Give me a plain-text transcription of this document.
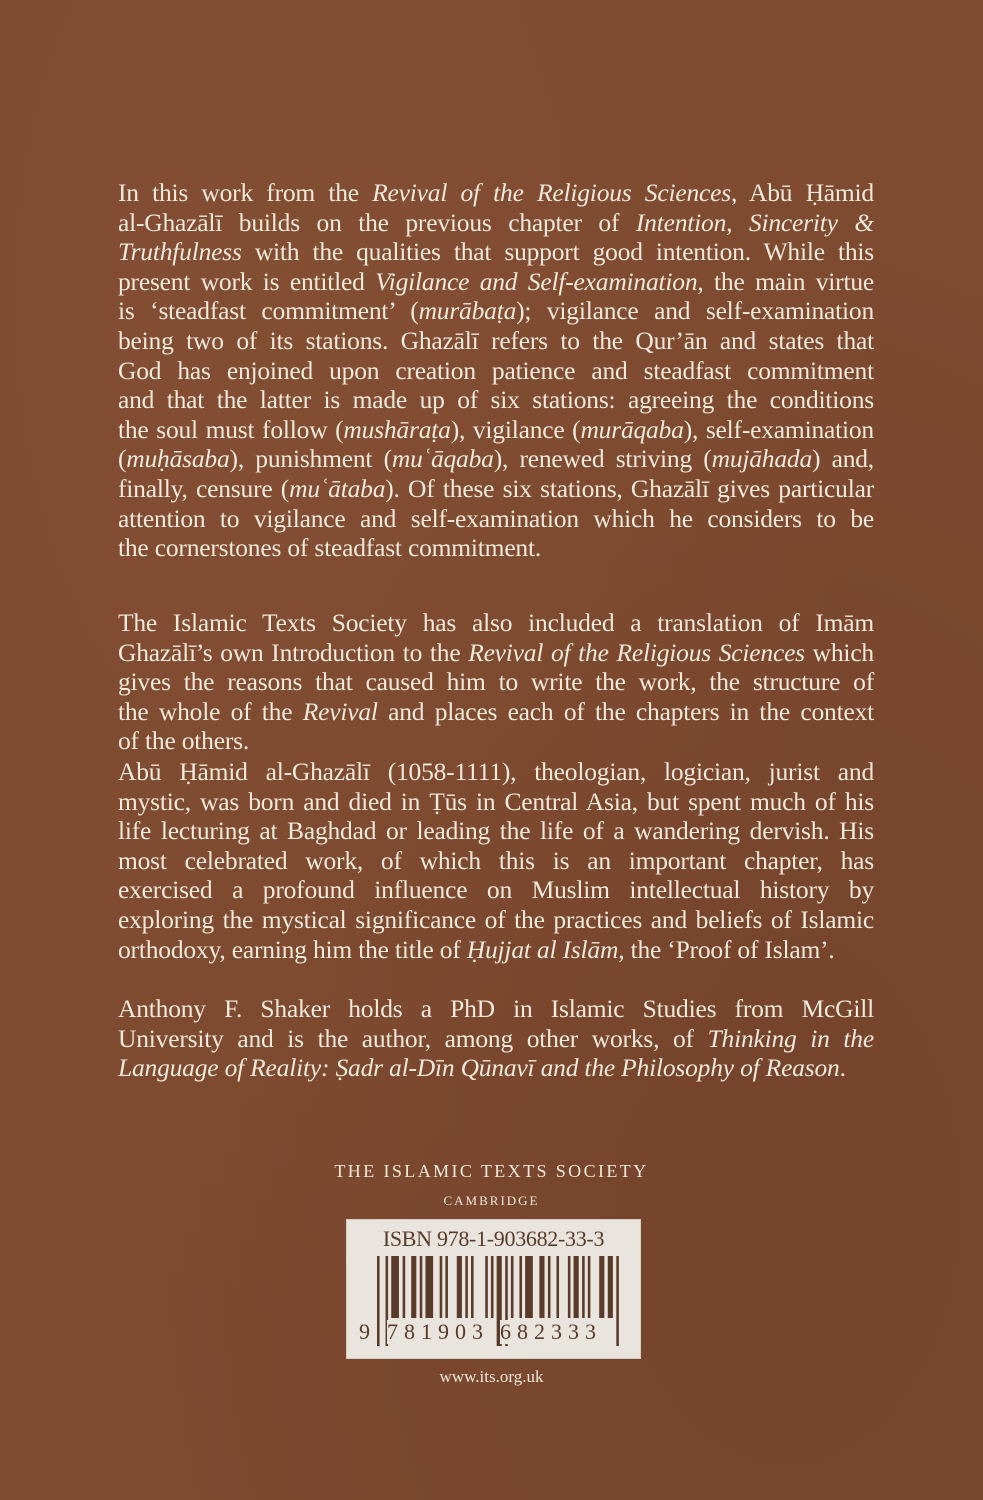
In this work from the Revival of the Religious Sciences, Abū Ḥāmid
al-Ghazālī builds on the previous chapter of Intention, Sincerity &
Truthfulness with the qualities that support good intention. While this
present work is entitled Vigilance and Self-examination, the main virtue
is ‘steadfast commitment’ (murābaṭa); vigilance and self-examination
being two of its stations. Ghazālī refers to the Qur’ān and states that
God has enjoined upon creation patience and steadfast commitment
and that the latter is made up of six stations: agreeing the conditions
the soul must follow (mushāraṭa), vigilance (murāqaba), self-examination
(muḥāsaba), punishment (muʿāqaba), renewed striving (mujāhada) and,
finally, censure (muʿātaba). Of these six stations, Ghazālī gives particular
attention to vigilance and self-examination which he considers to be
the cornerstones of steadfast commitment.
The Islamic Texts Society has also included a translation of Imām
Ghazālī’s own Introduction to the Revival of the Religious Sciences which
gives the reasons that caused him to write the work, the structure of
the whole of the Revival and places each of the chapters in the context
of the others.
Abū Ḥāmid al-Ghazālī (1058-1111), theologian, logician, jurist and
mystic, was born and died in Ṭūs in Central Asia, but spent much of his
life lecturing at Baghdad or leading the life of a wandering dervish. His
most celebrated work, of which this is an important chapter, has
exercised a profound influence on Muslim intellectual history by
exploring the mystical significance of the practices and beliefs of Islamic
orthodoxy, earning him the title of Ḥujjat al Islām, the ‘Proof of Islam’.
Anthony F. Shaker holds a PhD in Islamic Studies from McGill
University and is the author, among other works, of Thinking in the
Language of Reality: Ṣadr al-Dīn Qūnavī and the Philosophy of Reason.
THE ISLAMIC TEXTS SOCIETY
CAMBRIDGE
ISBN 978-1-903682-33-3
9 781903 682333
www.its.org.uk
